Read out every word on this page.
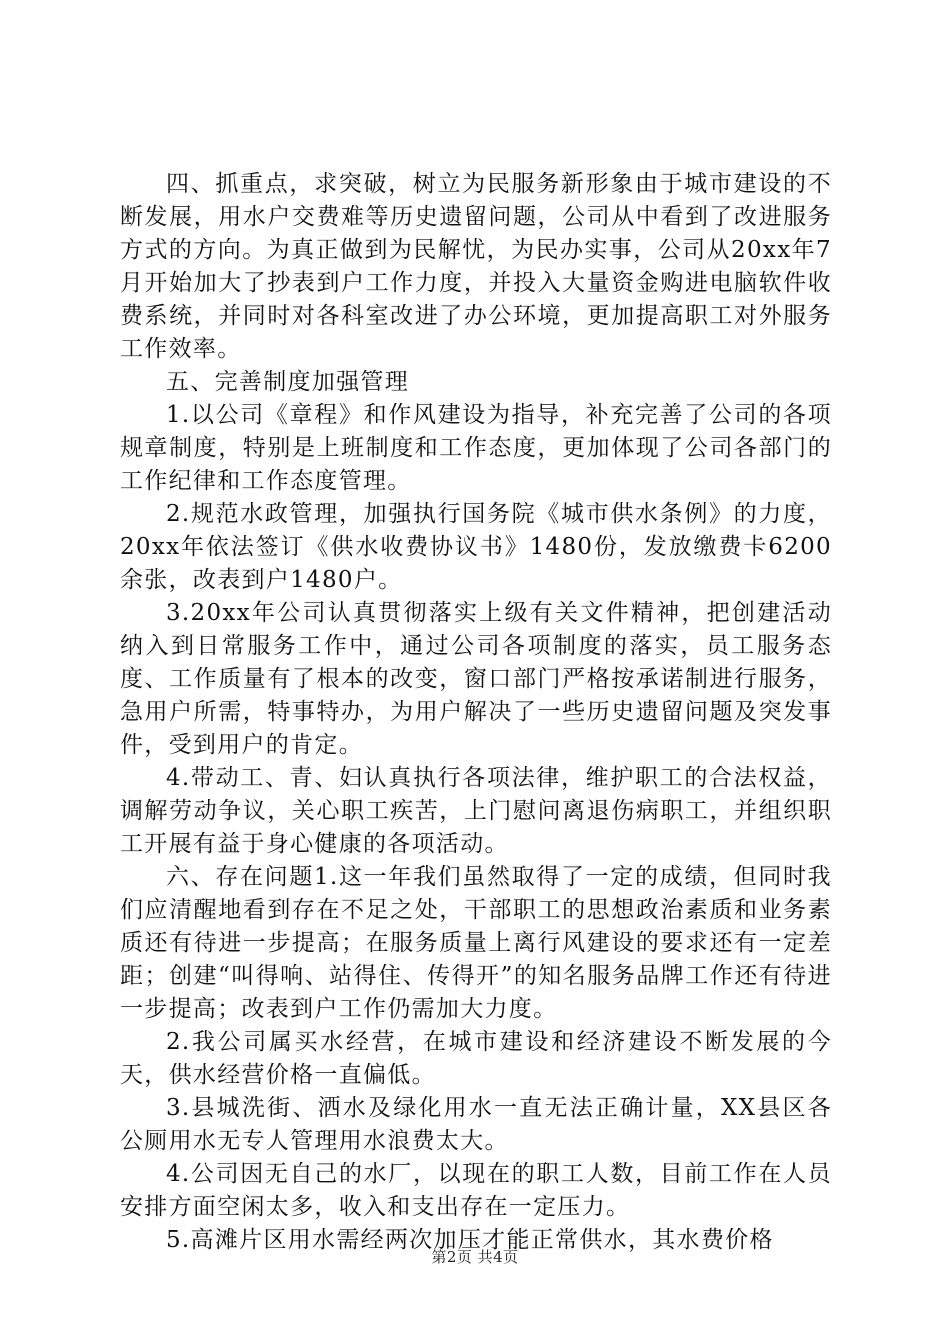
四、抓重点，求突破，树立为民服务新形象由于城市建设的不断发展，用水户交费难等历史遗留问题，公司从中看到了改进服务方式的方向。为真正做到为民解忧，为民办实事，公司从20xx年7月开始加大了抄表到户工作力度，并投入大量资金购进电脑软件收费系统，并同时对各科室改进了办公环境，更加提高职工对外服务工作效率。

五、完善制度加强管理

1.以公司《章程》和作风建设为指导，补充完善了公司的各项规章制度，特别是上班制度和工作态度，更加体现了公司各部门的工作纪律和工作态度管理。

2.规范水政管理，加强执行国务院《城市供水条例》的力度，20xx年依法签订《供水收费协议书》1480份，发放缴费卡6200余张，改表到户1480户。

3.20xx年公司认真贯彻落实上级有关文件精神，把创建活动纳入到日常服务工作中，通过公司各项制度的落实，员工服务态度、工作质量有了根本的改变，窗口部门严格按承诺制进行服务，急用户所需，特事特办，为用户解决了一些历史遗留问题及突发事件，受到用户的肯定。

4.带动工、青、妇认真执行各项法律，维护职工的合法权益，调解劳动争议，关心职工疾苦，上门慰问离退伤病职工，并组织职工开展有益于身心健康的各项活动。

六、存在问题1.这一年我们虽然取得了一定的成绩，但同时我们应清醒地看到存在不足之处，干部职工的思想政治素质和业务素质还有待进一步提高；在服务质量上离行风建设的要求还有一定差距；创建“叫得响、站得住、传得开”的知名服务品牌工作还有待进一步提高；改表到户工作仍需加大力度。

2.我公司属买水经营，在城市建设和经济建设不断发展的今天，供水经营价格一直偏低。

3.县城洗街、洒水及绿化用水一直无法正确计量，XX县区各公厕用水无专人管理用水浪费太大。

4.公司因无自己的水厂，以现在的职工人数，目前工作在人员安排方面空闲太多，收入和支出存在一定压力。

5.高滩片区用水需经两次加压才能正常供水，其水费价格

第2页 共4页
